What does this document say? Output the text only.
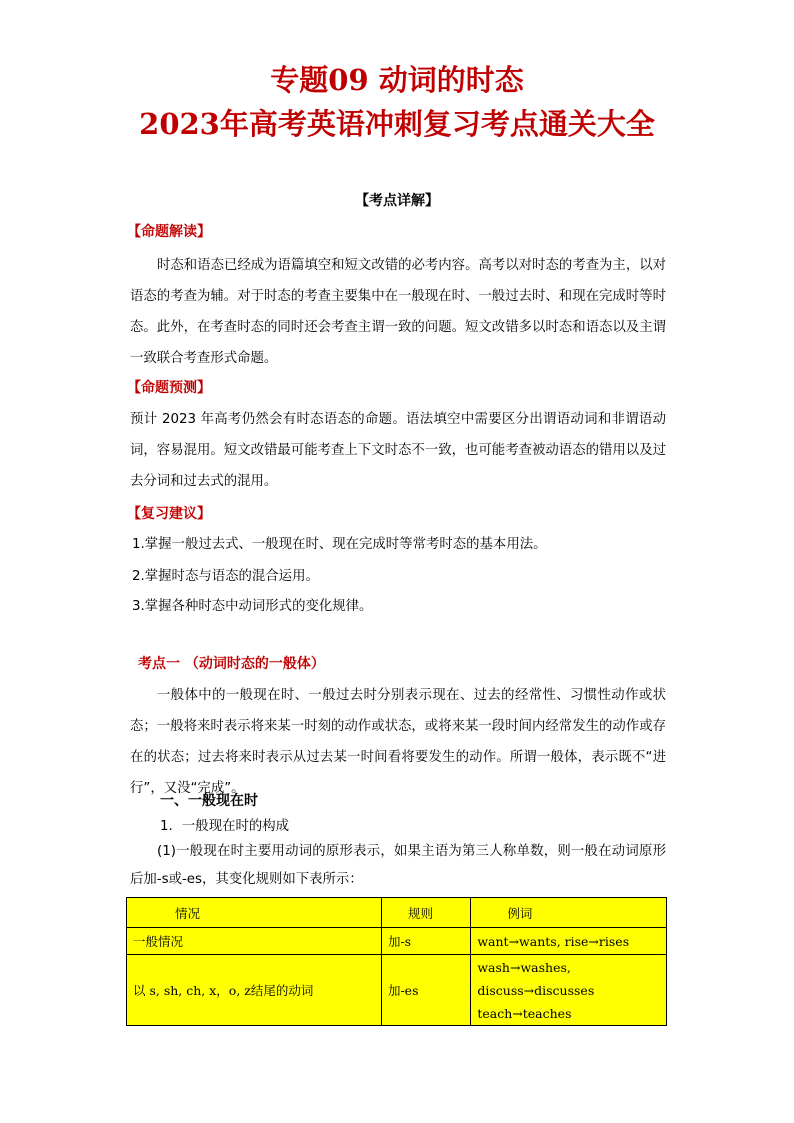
专题09 动词的时态
2023年高考英语冲刺复习考点通关大全
【考点详解】
【命题解读】
时态和语态已经成为语篇填空和短文改错的必考内容。高考以对时态的考查为主，以对语态的考查为辅。对于时态的考查主要集中在一般现在时、一般过去时、和现在完成时等时态。此外，在考查时态的同时还会考查主谓一致的问题。短文改错多以时态和语态以及主谓一致联合考查形式命题。
【命题预测】
预计 2023 年高考仍然会有时态语态的命题。语法填空中需要区分出谓语动词和非谓语动词，容易混用。短文改错最可能考查上下文时态不一致，也可能考查被动语态的错用以及过去分词和过去式的混用。
【复习建议】
1.掌握一般过去式、一般现在时、现在完成时等常考时态的基本用法。
2.掌握时态与语态的混合运用。
3.掌握各种时态中动词形式的变化规律。
考点一 （动词时态的一般体）
一般体中的一般现在时、一般过去时分别表示现在、过去的经常性、习惯性动作或状态；一般将来时表示将来某一时刻的动作或状态，或将来某一段时间内经常发生的动作或存在的状态；过去将来时表示从过去某一时间看将要发生的动作。所谓一般体，表示既不“进行”，又没“完成”。
一、一般现在时
1．一般现在时的构成
(1)一般现在时主要用动词的原形表示，如果主语为第三人称单数，则一般在动词原形后加-s或-es，其变化规则如下表所示：
情况	规则	例词
一般情况	加-s	want→wants, rise→rises
以 s, sh, ch, x，o, z结尾的动词	加-es	wash→washes,
discuss→discusses
teach→teaches
